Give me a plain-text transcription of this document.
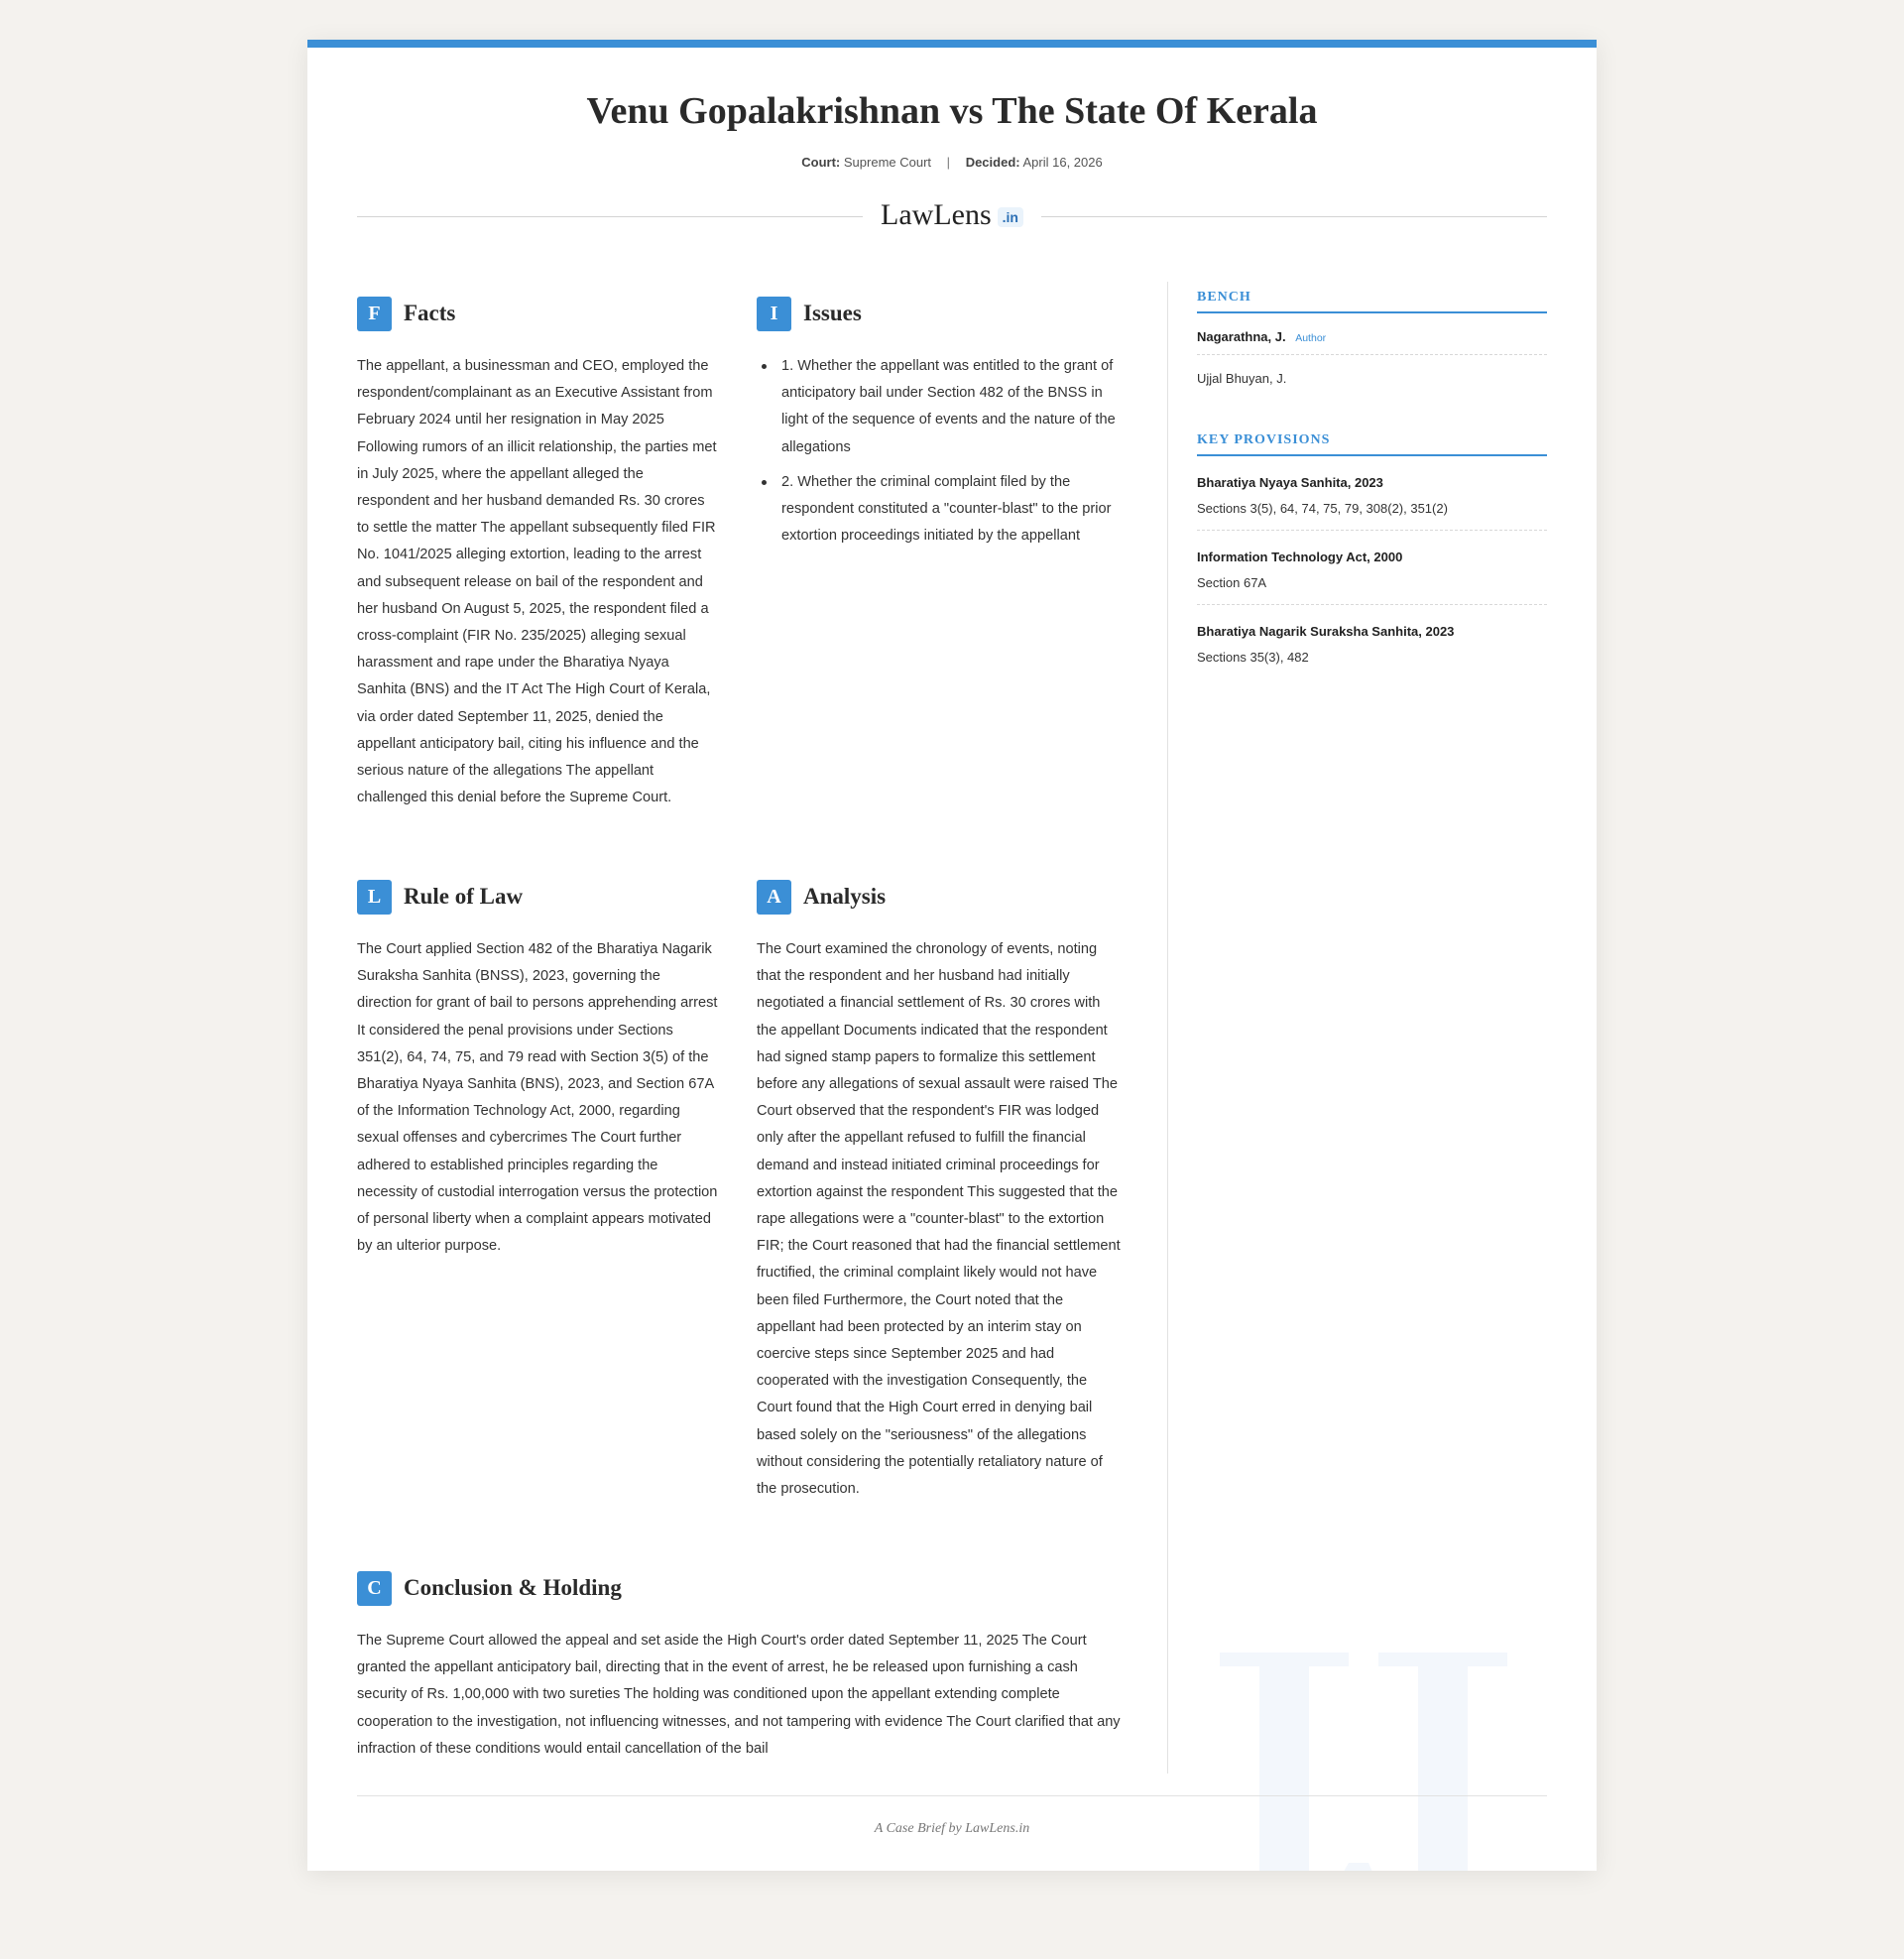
Venu Gopalakrishnan vs The State Of Kerala
Court: Supreme Court | Decided: April 16, 2026
LawLens .in
F	Facts
The appellant, a businessman and CEO, employed the respondent/complainant as an Executive Assistant from February 2024 until her resignation in May 2025 Following rumors of an illicit relationship, the parties met in July 2025, where the appellant alleged the respondent and her husband demanded Rs. 30 crores to settle the matter The appellant subsequently filed FIR No. 1041/2025 alleging extortion, leading to the arrest and subsequent release on bail of the respondent and her husband On August 5, 2025, the respondent filed a cross-complaint (FIR No. 235/2025) alleging sexual harassment and rape under the Bharatiya Nyaya Sanhita (BNS) and the IT Act The High Court of Kerala, via order dated September 11, 2025, denied the appellant anticipatory bail, citing his influence and the serious nature of the allegations The appellant challenged this denial before the Supreme Court.
I	Issues
1. Whether the appellant was entitled to the grant of anticipatory bail under Section 482 of the BNSS in light of the sequence of events and the nature of the allegations
2. Whether the criminal complaint filed by the respondent constituted a "counter-blast" to the prior extortion proceedings initiated by the appellant
L Rule of Law
The Court applied Section 482 of the Bharatiya Nagarik Suraksha Sanhita (BNSS), 2023, governing the direction for grant of bail to persons apprehending arrest It considered the penal provisions under Sections 351(2), 64, 74, 75, and 79 read with Section 3(5) of the Bharatiya Nyaya Sanhita (BNS), 2023, and Section 67A of the Information Technology Act, 2000, regarding sexual offenses and cybercrimes The Court further adhered to established principles regarding the necessity of custodial interrogation versus the protection of personal liberty when a complaint appears motivated by an ulterior purpose.
A Analysis
The Court examined the chronology of events, noting that the respondent and her husband had initially negotiated a financial settlement of Rs. 30 crores with the appellant Documents indicated that the respondent had signed stamp papers to formalize this settlement before any allegations of sexual assault were raised The Court observed that the respondent's FIR was lodged only after the appellant refused to fulfill the financial demand and instead initiated criminal proceedings for extortion against the respondent This suggested that the rape allegations were a "counter-blast" to the extortion FIR; the Court reasoned that had the financial settlement fructified, the criminal complaint likely would not have been filed Furthermore, the Court noted that the appellant had been protected by an interim stay on coercive steps since September 2025 and had cooperated with the investigation Consequently, the Court found that the High Court erred in denying bail based solely on the "seriousness" of the allegations without considering the potentially retaliatory nature of the prosecution.
C Conclusion & Holding
The Supreme Court allowed the appeal and set aside the High Court's order dated September 11, 2025 The Court granted the appellant anticipatory bail, directing that in the event of arrest, he be released upon furnishing a cash security of Rs. 1,00,000 with two sureties The holding was conditioned upon the appellant extending complete cooperation to the investigation, not influencing witnesses, and not tampering with evidence The Court clarified that any infraction of these conditions would entail cancellation of the bail
BENCH
Nagarathna, J. Author
Ujjal Bhuyan, J.
KEY PROVISIONS
Bharatiya Nyaya Sanhita, 2023
Sections 3(5), 64, 74, 75, 79, 308(2), 351(2)
Information Technology Act, 2000
Section 67A
Bharatiya Nagarik Suraksha Sanhita, 2023
Sections 35(3), 482
A Case Brief by LawLens.in
